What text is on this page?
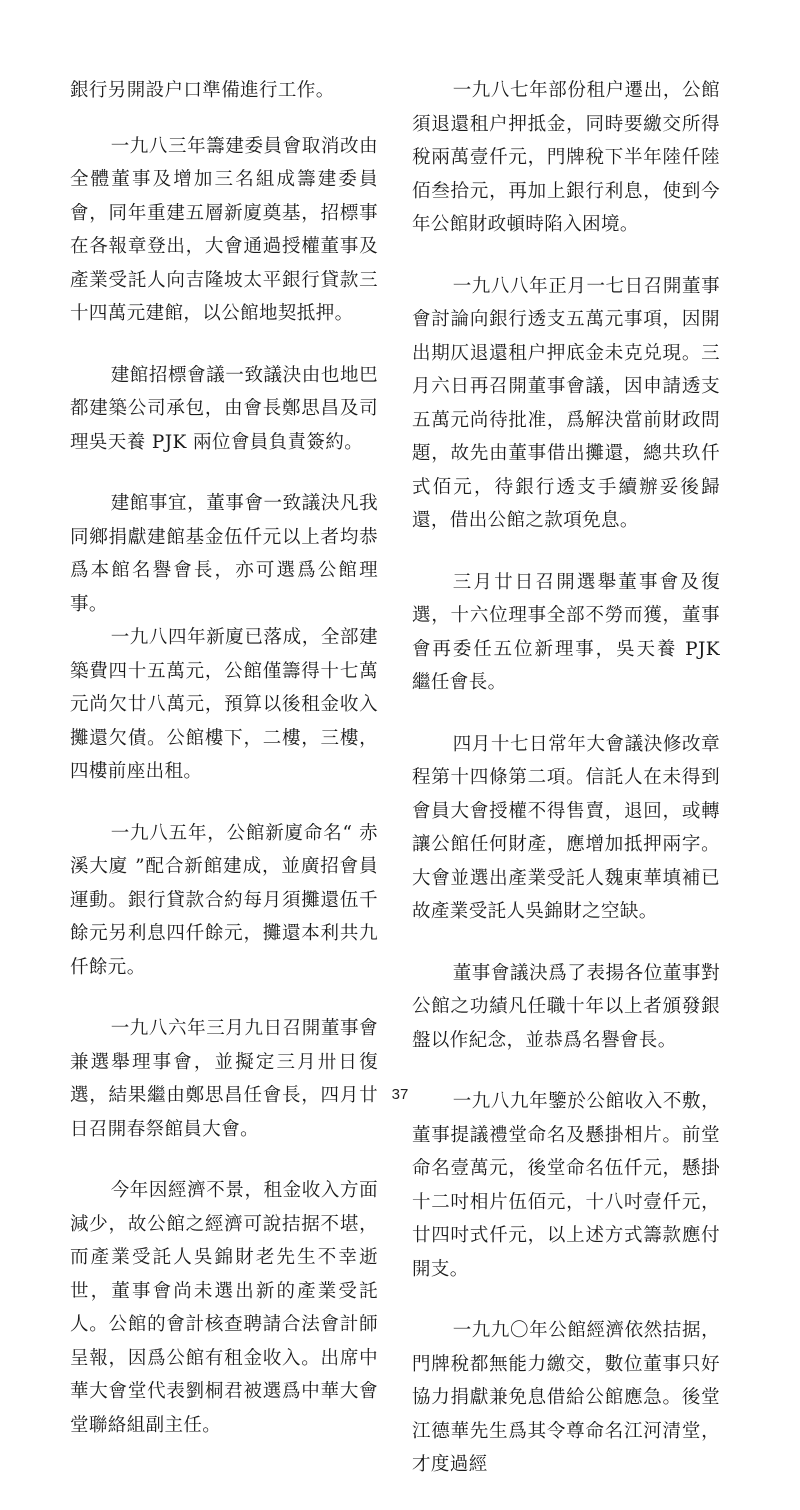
銀行另開設户口準備進行工作。

一九八三年籌建委員會取消改由全體董事及增加三名組成籌建委員會，同年重建五層新廈奠基，招標事在各報章登出，大會通過授權董事及產業受託人向吉隆坡太平銀行貸款三十四萬元建館，以公館地契抵押。

建館招標會議一致議決由也地巴都建築公司承包，由會長鄭思昌及司理吳天養 PJK 兩位會員負責簽約。

建館事宜，董事會一致議決凡我同鄉捐獻建館基金伍仟元以上者均恭爲本館名譽會長，亦可選爲公館理事。

一九八四年新廈已落成，全部建築費四十五萬元，公館僅籌得十七萬元尚欠廿八萬元，預算以後租金收入攤還欠債。公館樓下，二樓，三樓，四樓前座出租。

一九八五年，公館新廈命名“ 赤溪大廈 ”配合新館建成，並廣招會員運動。銀行貸款合約每月須攤還伍千餘元另利息四仟餘元，攤還本利共九仟餘元。

一九八六年三月九日召開董事會兼選舉理事會，並擬定三月卅日復選，結果繼由鄭思昌任會長，四月廿日召開春祭館員大會。

今年因經濟不景，租金收入方面減少，故公館之經濟可說拮据不堪，而產業受託人吳錦財老先生不幸逝世，董事會尚未選出新的產業受託人。公館的會計核查聘請合法會計師呈報，因爲公館有租金收入。出席中華大會堂代表劉桐君被選爲中華大會堂聯絡組副主任。

一九八七年部份租户遷出，公館須退還租户押抵金，同時要繳交所得稅兩萬壹仟元，門牌稅下半年陸仟陸佰叁拾元，再加上銀行利息，使到今年公館財政頓時陷入困境。

一九八八年正月一七日召開董事會討論向銀行透支五萬元事項，因開出期仄退還租户押底金未克兑現。三月六日再召開董事會議，因申請透支五萬元尚待批准，爲解決當前財政問題，故先由董事借出攤還，總共玖仟式佰元，待銀行透支手續辦妥後歸還，借出公館之款項免息。

三月廿日召開選舉董事會及復選，十六位理事全部不勞而獲，董事會再委任五位新理事，吳天養 PJK 繼任會長。

四月十七日常年大會議決修改章程第十四條第二項。信託人在未得到會員大會授權不得售賣，退回，或轉讓公館任何財產，應增加抵押兩字。大會並選出產業受託人魏東華填補已故產業受託人吳錦財之空缺。

董事會議決爲了表揚各位董事對公館之功績凡任職十年以上者頒發銀盤以作紀念，並恭爲名譽會長。

一九八九年鑒於公館收入不敷，董事提議禮堂命名及懸掛相片。前堂命名壹萬元，後堂命名伍仟元，懸掛十二吋相片伍佰元，十八吋壹仟元，廿四吋式仟元，以上述方式籌款應付開支。

一九九〇年公館經濟依然拮据，門牌稅都無能力繳交，數位董事只好協力捐獻兼免息借給公館應急。後堂江德華先生爲其令尊命名江河清堂，才度過經

37
